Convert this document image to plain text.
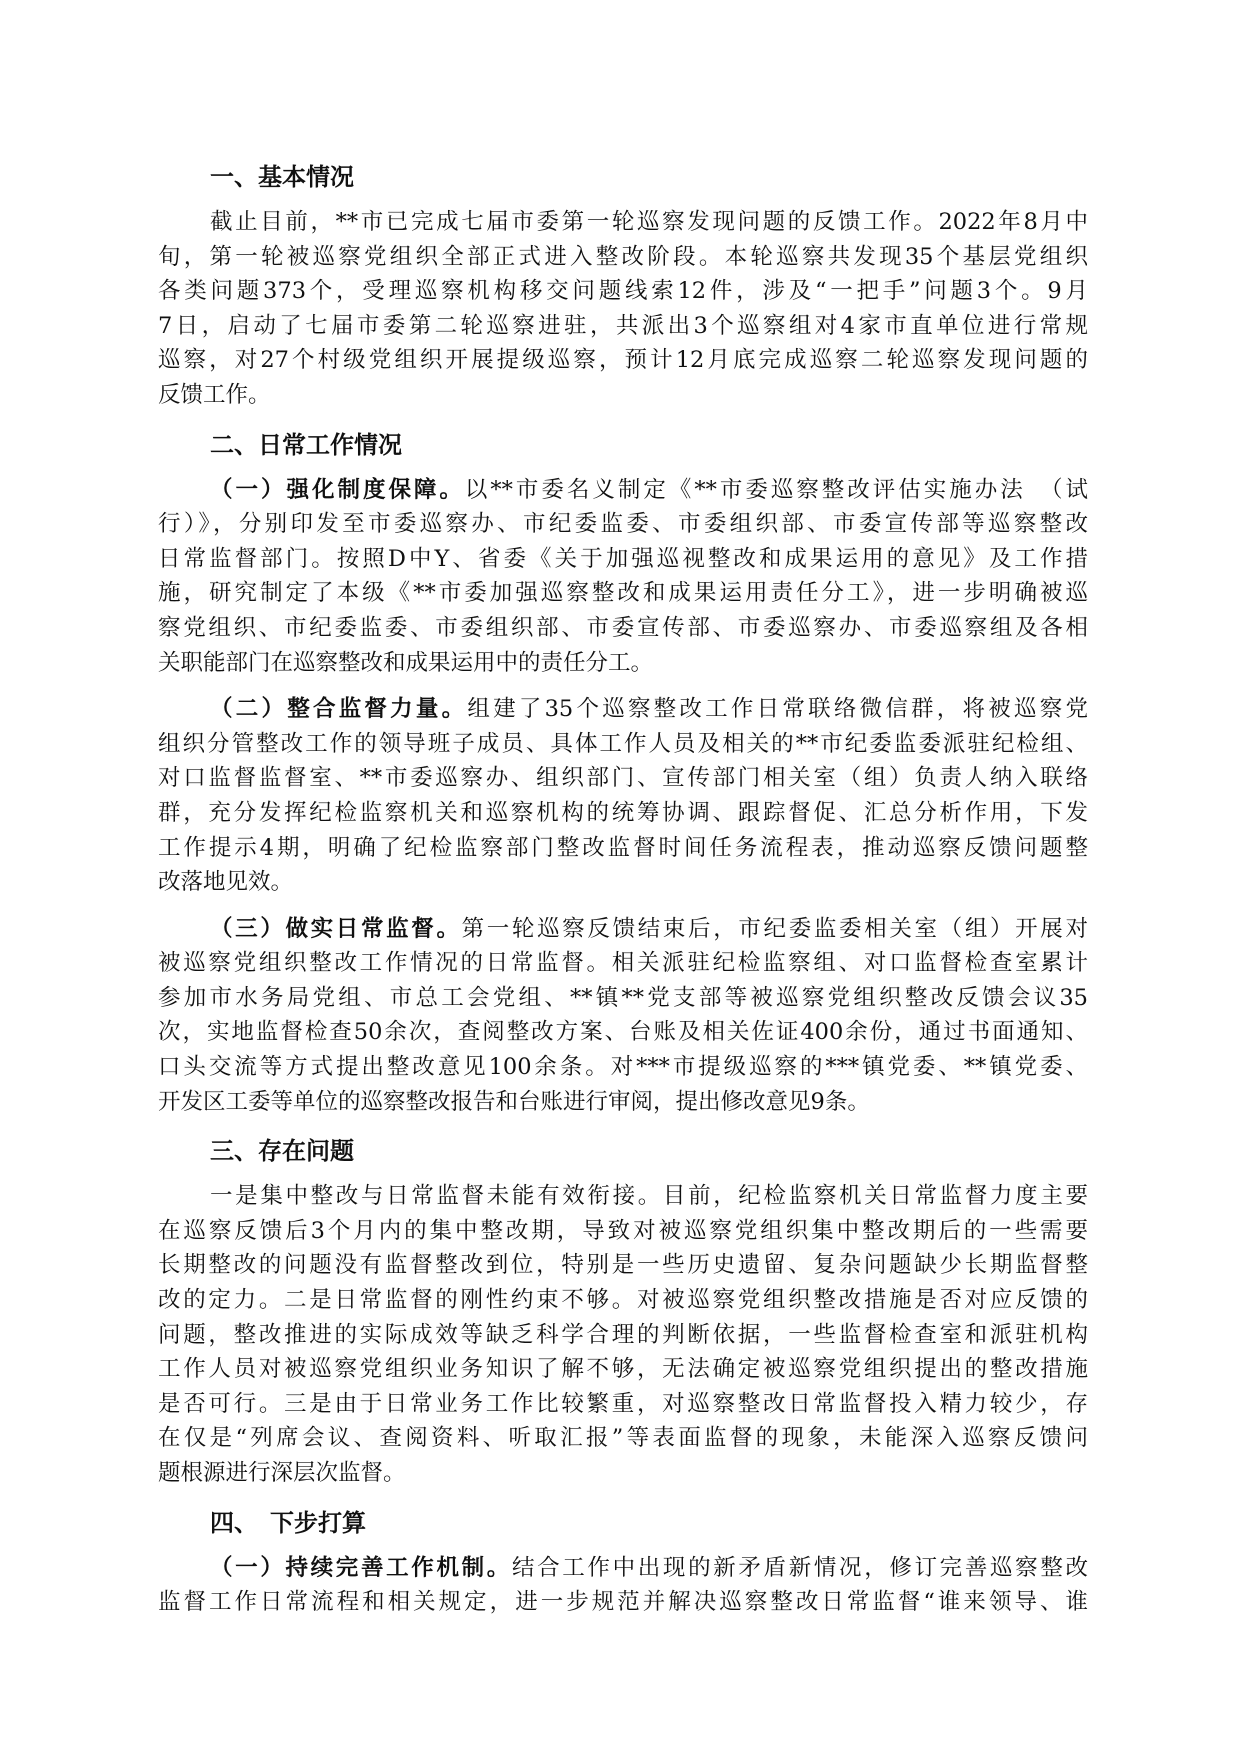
一、基本情况
截止目前，**市已完成七届市委第一轮巡察发现问题的反馈工作。2022年8月中
旬，第一轮被巡察党组织全部正式进入整改阶段。本轮巡察共发现35个基层党组织
各类问题373个，受理巡察机构移交问题线索12件，涉及“一把手”问题3个。9月
7日，启动了七届市委第二轮巡察进驻，共派出3个巡察组对4家市直单位进行常规
巡察，对27个村级党组织开展提级巡察，预计12月底完成巡察二轮巡察发现问题的
反馈工作。
二、日常工作情况
（一）强化制度保障。以**市委名义制定《**市委巡察整改评估实施办法　（试
行）》，分别印发至市委巡察办、市纪委监委、市委组织部、市委宣传部等巡察整改
日常监督部门。按照D中Y、省委《关于加强巡视整改和成果运用的意见》及工作措
施，研究制定了本级《**市委加强巡察整改和成果运用责任分工》，进一步明确被巡
察党组织、市纪委监委、市委组织部、市委宣传部、市委巡察办、市委巡察组及各相
关职能部门在巡察整改和成果运用中的责任分工。
（二）整合监督力量。组建了35个巡察整改工作日常联络微信群，将被巡察党
组织分管整改工作的领导班子成员、具体工作人员及相关的**市纪委监委派驻纪检组、
对口监督监督室、**市委巡察办、组织部门、宣传部门相关室（组）负责人纳入联络
群，充分发挥纪检监察机关和巡察机构的统筹协调、跟踪督促、汇总分析作用，下发
工作提示4期，明确了纪检监察部门整改监督时间任务流程表，推动巡察反馈问题整
改落地见效。
（三）做实日常监督。第一轮巡察反馈结束后，市纪委监委相关室（组）开展对
被巡察党组织整改工作情况的日常监督。相关派驻纪检监察组、对口监督检查室累计
参加市水务局党组、市总工会党组、**镇**党支部等被巡察党组织整改反馈会议35
次，实地监督检查50余次，查阅整改方案、台账及相关佐证400余份，通过书面通知、
口头交流等方式提出整改意见100余条。对***市提级巡察的***镇党委、**镇党委、
开发区工委等单位的巡察整改报告和台账进行审阅，提出修改意见9条。
三、存在问题
一是集中整改与日常监督未能有效衔接。目前，纪检监察机关日常监督力度主要
在巡察反馈后3个月内的集中整改期，导致对被巡察党组织集中整改期后的一些需要
长期整改的问题没有监督整改到位，特别是一些历史遗留、复杂问题缺少长期监督整
改的定力。二是日常监督的刚性约束不够。对被巡察党组织整改措施是否对应反馈的
问题，整改推进的实际成效等缺乏科学合理的判断依据，一些监督检查室和派驻机构
工作人员对被巡察党组织业务知识了解不够，无法确定被巡察党组织提出的整改措施
是否可行。三是由于日常业务工作比较繁重，对巡察整改日常监督投入精力较少，存
在仅是“列席会议、查阅资料、听取汇报”等表面监督的现象，未能深入巡察反馈问
题根源进行深层次监督。
四、　下步打算
（一）持续完善工作机制。结合工作中出现的新矛盾新情况，修订完善巡察整改
监督工作日常流程和相关规定，进一步规范并解决巡察整改日常监督“谁来领导、谁
